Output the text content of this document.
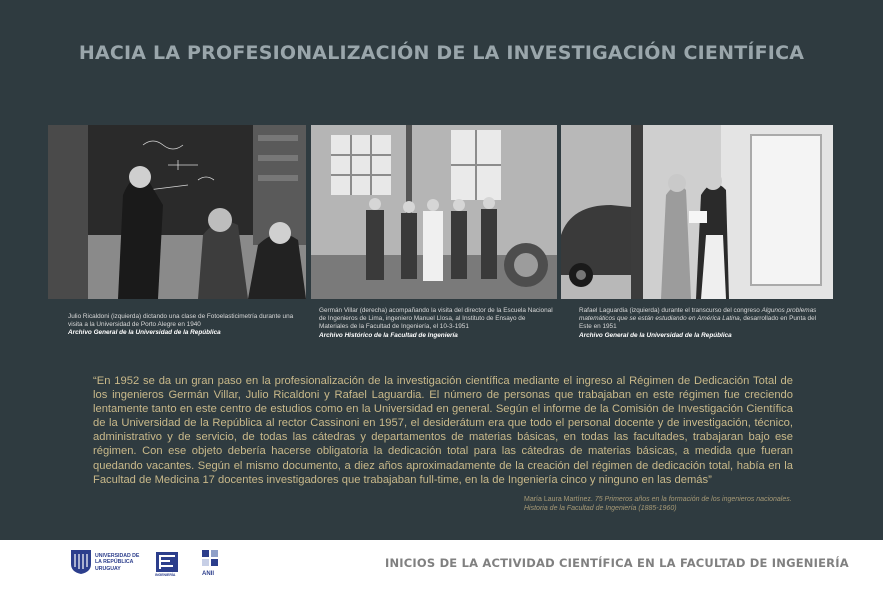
HACIA LA PROFESIONALIZACIÓN DE LA INVESTIGACIÓN CIENTÍFICA
Julio Ricaldoni (izquierda) dictando una clase de Fotoelasticimetría durante una visita a la Universidad de Porto Alegre en 1940
Archivo General de la Universidad de la República
Germán Villar (derecha) acompañando la visita del director de la Escuela Nacional de Ingenieros de Lima, ingeniero Manuel Llosa, al Instituto de Ensayo de Materiales de la Facultad de Ingeniería, el 10-3-1951
Archivo Histórico de la Facultad de Ingeniería
Rafael Laguardia (izquierda) durante el transcurso del congreso Algunos problemas matemáticos que se están estudiando en América Latina, desarrollado en Punta del Este en 1951
Archivo General de la Universidad de la República

“En 1952 se da un gran paso en la profesionalización de la investigación científica mediante el ingreso al Régimen de Dedicación Total de los ingenieros Germán Villar, Julio Ricaldoni y Rafael Laguardia. El número de personas que trabajaban en este régimen fue creciendo lentamente tanto en este centro de estudios como en la Universidad en general. Según el informe de la Comisión de Investigación Científica de la Universidad de la República al rector Cassinoni en 1957, el desiderátum era que todo el personal docente y de investigación, técnico, administrativo y de servicio, de todas las cátedras y departamentos de materias básicas, en todas las facultades, trabajaran bajo ese régimen. Con ese objeto debería hacerse obligatoria la dedicación total para las cátedras de materias básicas, a medida que fueran quedando vacantes. Según el mismo documento, a diez años aproximadamente de la creación del régimen de dedicación total, había en la Facultad de Medicina 17 docentes investigadores que trabajaban full-time, en la de Ingeniería cinco y ninguno en las demás”

María Laura Martínez. 75 Primeros años en la formación de los ingenieros nacionales. Historia de la Facultad de Ingeniería (1885-1960)
UNIVERSIDAD DE LA REPÚBLICA URUGUAY
INGENIERÍA	ANII
INICIOS DE LA ACTIVIDAD CIENTÍFICA EN LA FACULTAD DE INGENIERÍA
